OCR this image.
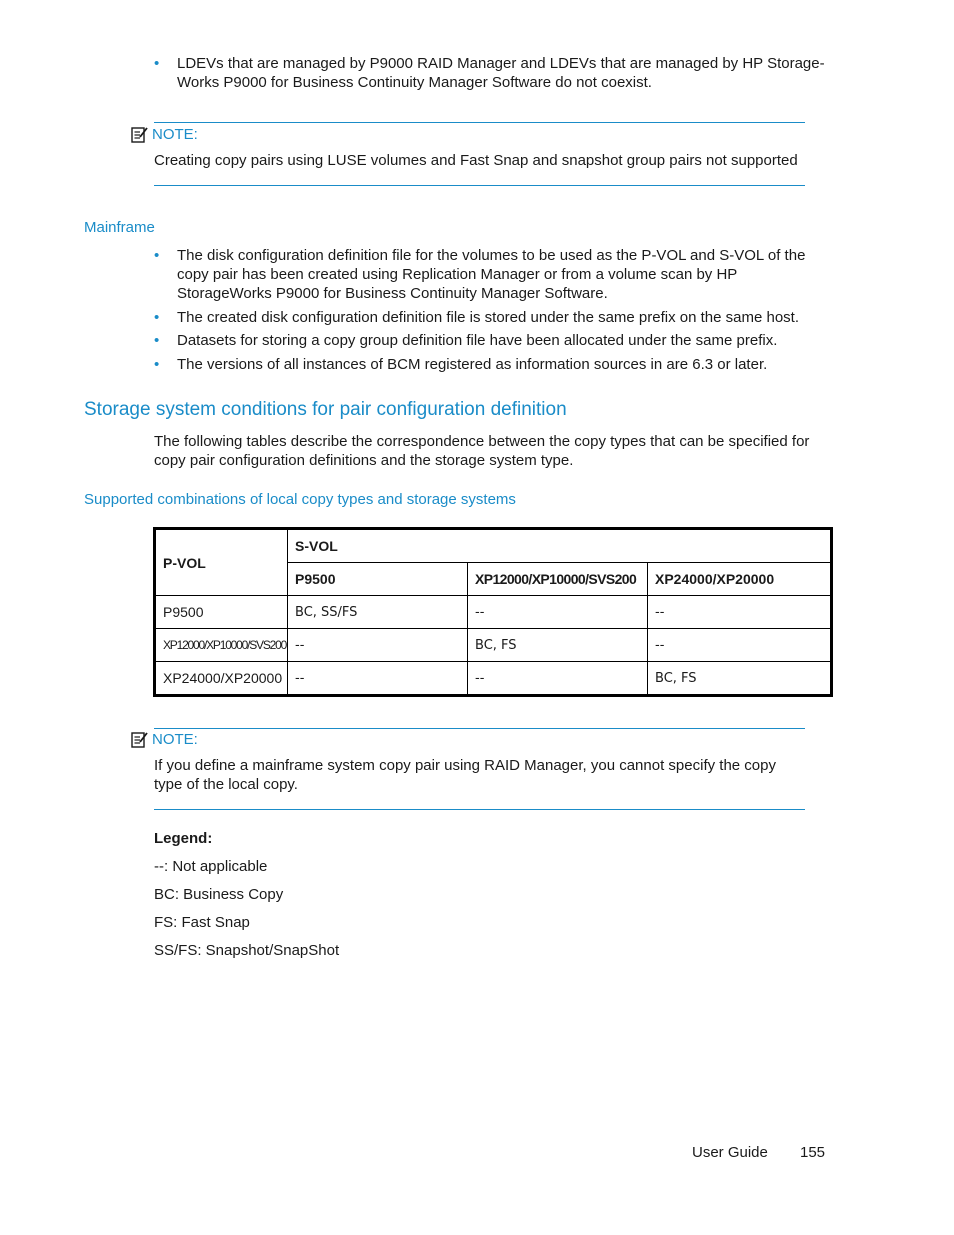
• LDEVs that are managed by P9000 RAID Manager and LDEVs that are managed by HP Storage-Works P9000 for Business Continuity Manager Software do not coexist.
NOTE:
Creating copy pairs using LUSE volumes and Fast Snap and snapshot group pairs not supported
Mainframe
• The disk configuration definition file for the volumes to be used as the P-VOL and S-VOL of the copy pair has been created using Replication Manager or from a volume scan by HP StorageWorks P9000 for Business Continuity Manager Software.
• The created disk configuration definition file is stored under the same prefix on the same host.
• Datasets for storing a copy group definition file have been allocated under the same prefix.
• The versions of all instances of BCM registered as information sources in are 6.3 or later.
Storage system conditions for pair configuration definition
The following tables describe the correspondence between the copy types that can be specified for copy pair configuration definitions and the storage system type.
Supported combinations of local copy types and storage systems
P-VOL	S-VOL		
	P9500	XP12000/XP10000/SVS200	XP24000/XP20000
P9500	BC, SS/FS	--	--
XP12000/XP10000/SVS200	--	BC, FS	--
XP24000/XP20000	--	--	BC, FS
NOTE:
If you define a mainframe system copy pair using RAID Manager, you cannot specify the copy type of the local copy.
Legend:
--: Not applicable
BC: Business Copy
FS: Fast Snap
SS/FS: Snapshot/SnapShot
User Guide 155
